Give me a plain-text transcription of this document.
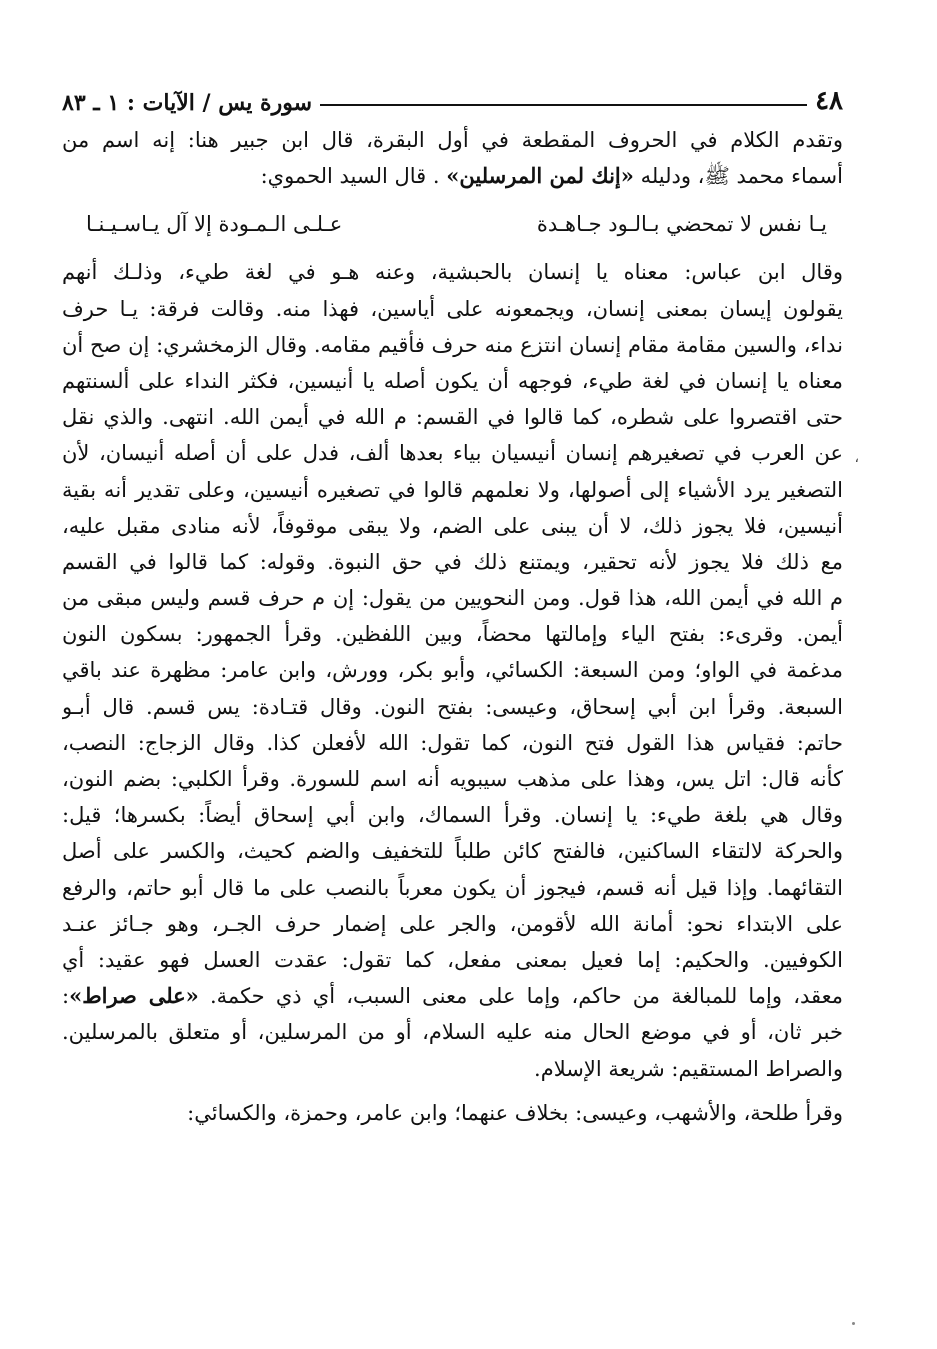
٤٨
سورة يس / الآيات : ١ ـ ٨٣
وتقدم الكلام في الحروف المقطعة في أول البقرة، قال ابن جبير هنا: إنه اسم من
أسماء محمد ﷺ، ودليله «إنك لمن المرسلين» . قال السيد الحموي:
يـا نفس لا تمحضي بـالـود جـاهـدة
عـلـى الـمـودة إلا آل يـاسـيـنـا
وقال ابن عباس: معناه يا إنسان بالحبشية، وعنه هـو في لغة طيء، وذلـك أنهم
يقولون إيسان بمعنى إنسان، ويجمعونه على أياسين، فهذا منه. وقالت فرقة: يـا حرف
نداء، والسين مقامة مقام إنسان انتزع منه حرف فأقيم مقامه. وقال الزمخشري: إن صح أن
معناه يا إنسان في لغة طيء، فوجهه أن يكون أصله يا أنيسين، فكثر النداء على ألسنتهم
حتى اقتصروا على شطره، كما قالوا في القسم: م الله في أيمن الله. انتهى. والذي نقل
عن العرب في تصغيرهم إنسان أنيسيان بياء بعدها ألف، فدل على أن أصله أنيسان، لأن
التصغير يرد الأشياء إلى أصولها، ولا نعلمهم قالوا في تصغيره أنيسين، وعلى تقدير أنه بقية
أنيسين، فلا يجوز ذلك، لا أن يبنى على الضم، ولا يبقى موقوفاً، لأنه منادى مقبل عليه،
مع ذلك فلا يجوز لأنه تحقير، ويمتنع ذلك في حق النبوة. وقوله: كما قالوا في القسم
م الله في أيمن الله، هذا قول. ومن النحويين من يقول: إن م حرف قسم وليس مبقى من
أيمن. وقرىء: بفتح الياء وإمالتها محضاً، وبين اللفظين. وقرأ الجمهور: بسكون النون
مدغمة في الواو؛ ومن السبعة: الكسائي، وأبو بكر، وورش، وابن عامر: مظهرة عند باقي
السبعة. وقرأ ابن أبي إسحاق، وعيسى: بفتح النون. وقال قتـادة: يس قسم. قال أبـو
حاتم: فقياس هذا القول فتح النون، كما تقول: الله لأفعلن كذا. وقال الزجاج: النصب،
كأنه قال: اتل يس، وهذا على مذهب سيبويه أنه اسم للسورة. وقرأ الكلبي: بضم النون،
وقال هي بلغة طيء: يا إنسان. وقرأ السماك، وابن أبي إسحاق أيضاً: بكسرها؛ قيل:
والحركة لالتقاء الساكنين، فالفتح كائن طلباً للتخفيف والضم كحيث، والكسر على أصل
التقائهما. وإذا قيل أنه قسم، فيجوز أن يكون معرباً بالنصب على ما قال أبو حاتم، والرفع
على الابتداء نحو: أمانة الله لأقومن، والجر على إضمار حرف الجـر، وهو جـائز عنـد
الكوفيين. والحكيم: إما فعيل بمعنى مفعل، كما تقول: عقدت العسل فهو عقيد: أي
معقد، وإما للمبالغة من حاكم، وإما على معنى السبب، أي ذي حكمة. «على صراط»:
خبر ثان، أو في موضع الحال منه عليه السلام، أو من المرسلين، أو متعلق بالمرسلين.
والصراط المستقيم: شريعة الإسلام.
وقرأ طلحة، والأشهب، وعيسى: بخلاف عنهما؛ وابن عامر، وحمزة، والكسائي:
،
